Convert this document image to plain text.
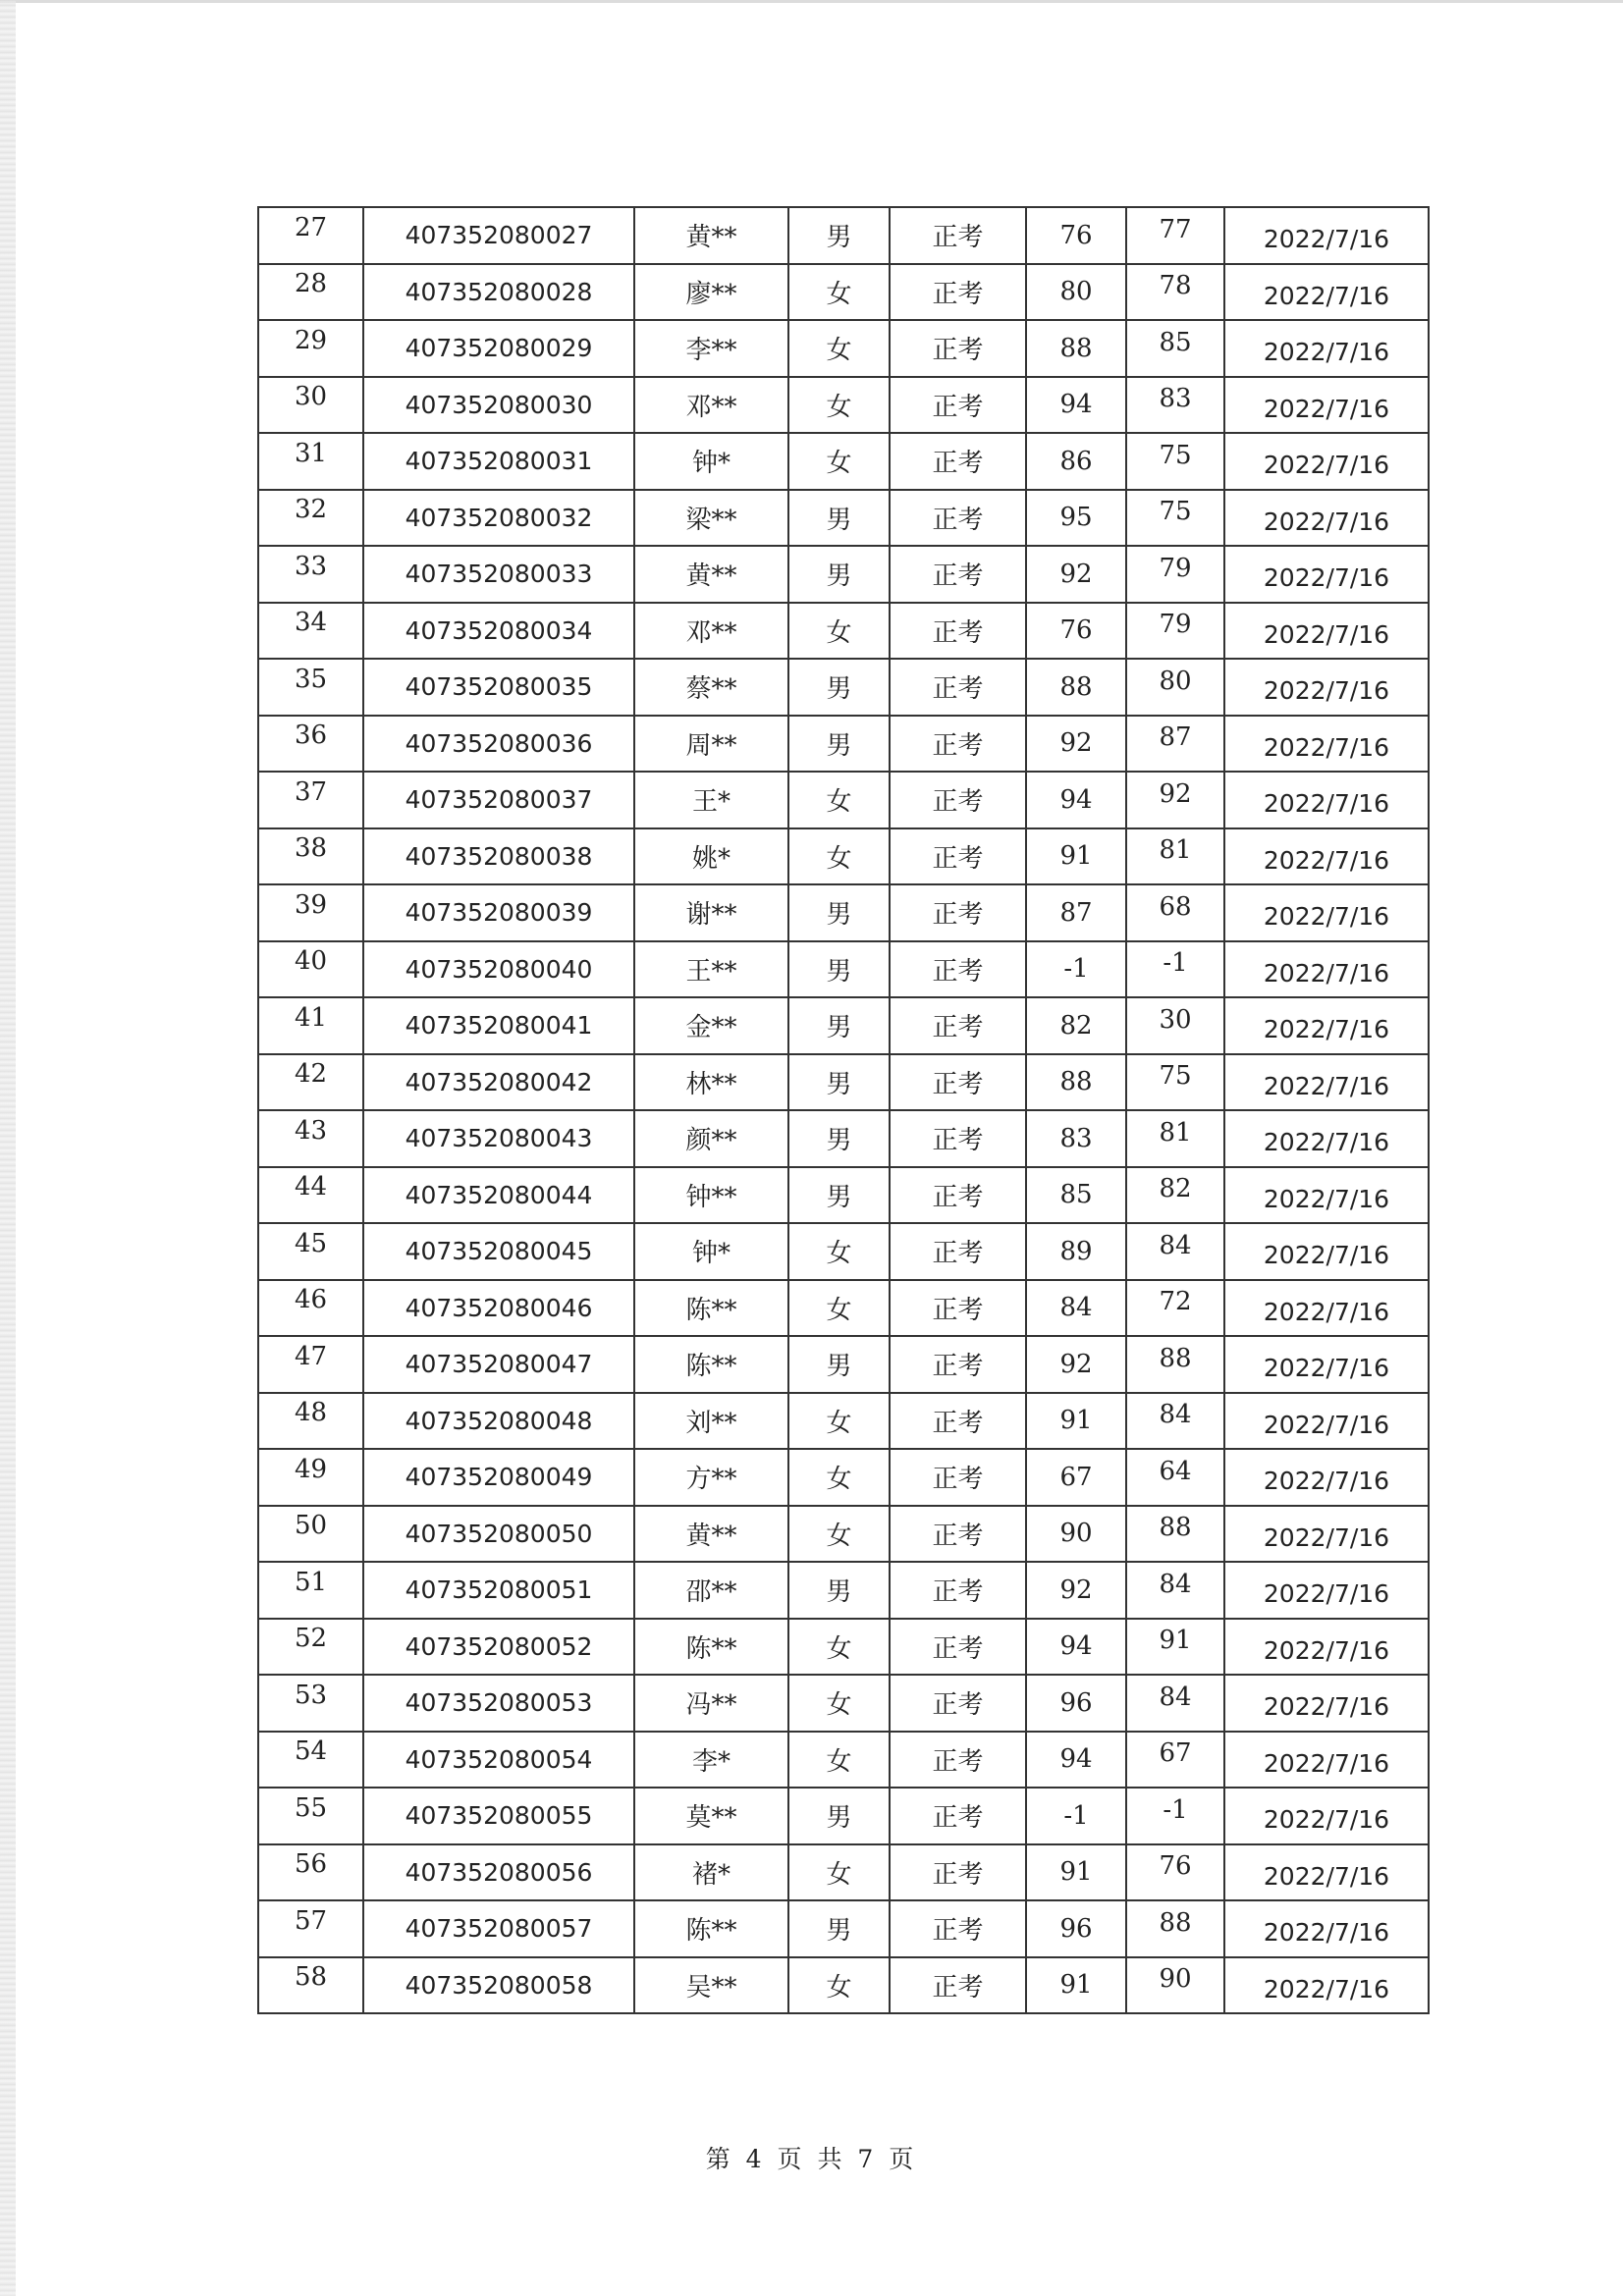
27	407352080027	黄**	男	正考	76	77	2022/7/16
28	407352080028	廖**	女	正考	80	78	2022/7/16
29	407352080029	李**	女	正考	88	85	2022/7/16
30	407352080030	邓**	女	正考	94	83	2022/7/16
31	407352080031	钟*	女	正考	86	75	2022/7/16
32	407352080032	梁**	男	正考	95	75	2022/7/16
33	407352080033	黄**	男	正考	92	79	2022/7/16
34	407352080034	邓**	女	正考	76	79	2022/7/16
35	407352080035	蔡**	男	正考	88	80	2022/7/16
36	407352080036	周**	男	正考	92	87	2022/7/16
37	407352080037	王*	女	正考	94	92	2022/7/16
38	407352080038	姚*	女	正考	91	81	2022/7/16
39	407352080039	谢**	男	正考	87	68	2022/7/16
40	407352080040	王**	男	正考	-1	-1	2022/7/16
41	407352080041	金**	男	正考	82	30	2022/7/16
42	407352080042	林**	男	正考	88	75	2022/7/16
43	407352080043	颜**	男	正考	83	81	2022/7/16
44	407352080044	钟**	男	正考	85	82	2022/7/16
45	407352080045	钟*	女	正考	89	84	2022/7/16
46	407352080046	陈**	女	正考	84	72	2022/7/16
47	407352080047	陈**	男	正考	92	88	2022/7/16
48	407352080048	刘**	女	正考	91	84	2022/7/16
49	407352080049	方**	女	正考	67	64	2022/7/16
50	407352080050	黄**	女	正考	90	88	2022/7/16
51	407352080051	邵**	男	正考	92	84	2022/7/16
52	407352080052	陈**	女	正考	94	91	2022/7/16
53	407352080053	冯**	女	正考	96	84	2022/7/16
54	407352080054	李*	女	正考	94	67	2022/7/16
55	407352080055	莫**	男	正考	-1	-1	2022/7/16
56	407352080056	褚*	女	正考	91	76	2022/7/16
57	407352080057	陈**	男	正考	96	88	2022/7/16
58	407352080058	吴**	女	正考	91	90	2022/7/16
第 4 页 共 7 页
